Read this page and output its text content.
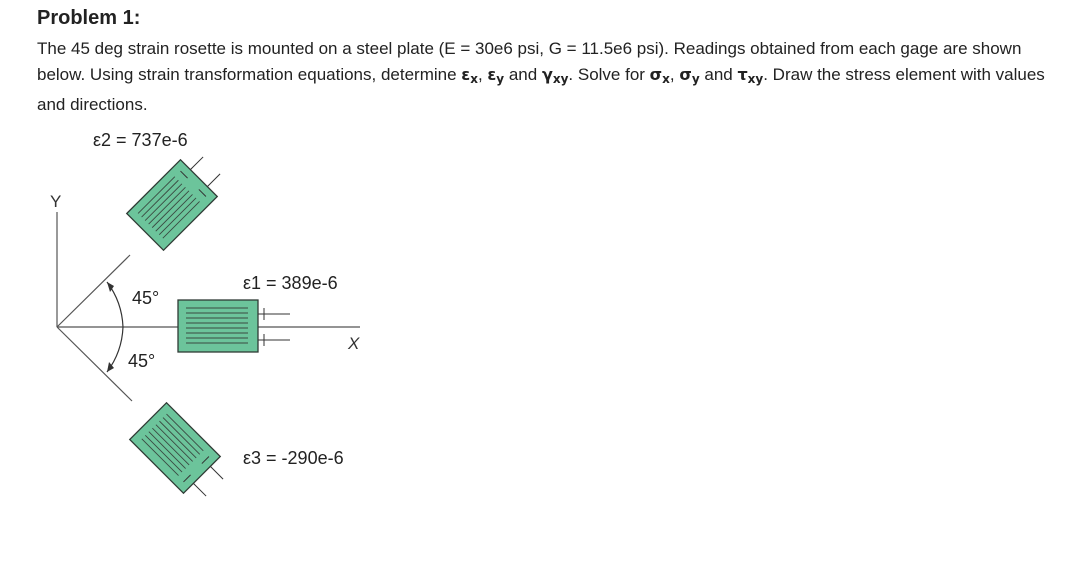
Problem 1:

The 45 deg strain rosette is mounted on a steel plate (E = 30e6 psi, G = 11.5e6 psi). Readings obtained from each gage are shown below. Using strain transformation equations, determine $\varepsilon_x$, $\varepsilon_y$ and $\gamma_{xy}$. Solve for $\sigma_x$, $\sigma_y$ and $\tau_{xy}$. Draw the stress element with values and directions.

ε2 = 737e-6
ε1 = 389e-6
ε3 = -290e-6
45°
45°
Y
X
